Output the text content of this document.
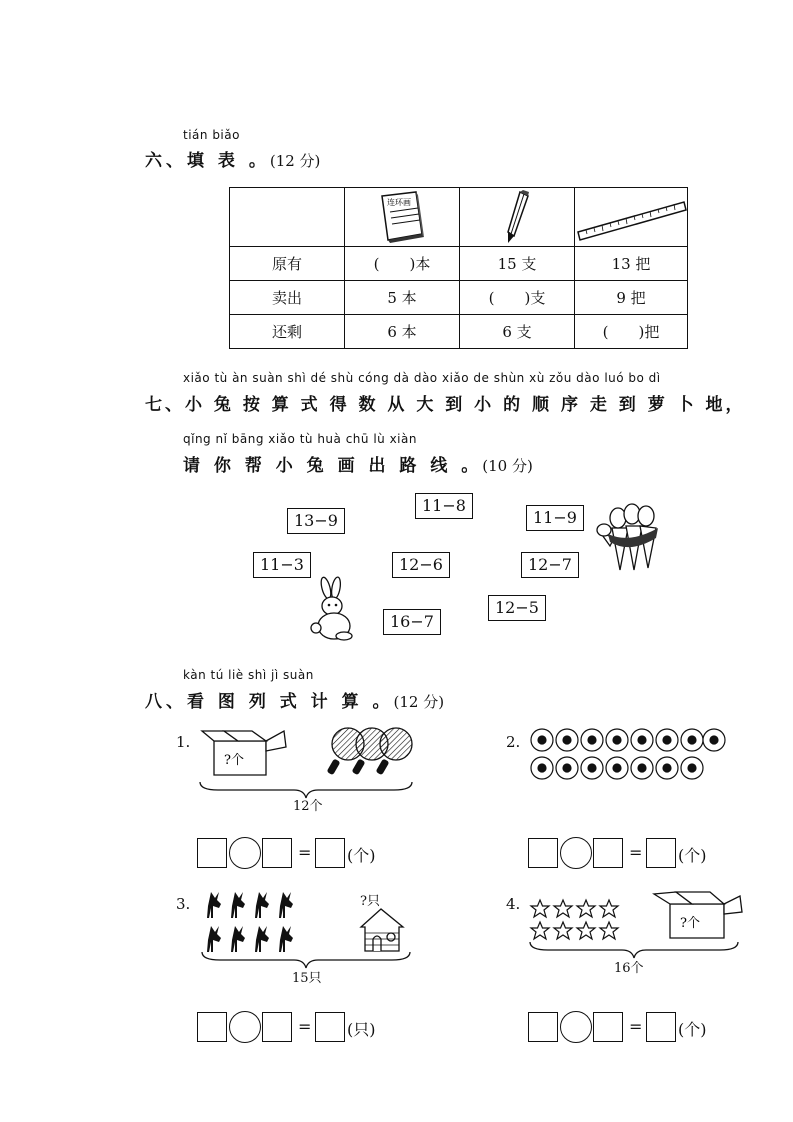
tián biǎo
六、填 表 。(12 分)

连环画

原有	(　　)本	15 支	13 把
卖出	5 本	(　　)支	9 把
还剩	6 本	6 支	(　　)把
xiǎo tù àn suàn shì dé shù cóng dà dào xiǎo de shùn xù zǒu dào luó bo dì
七、小 兔 按 算 式 得 数 从 大 到 小 的 顺 序 走 到 萝 卜 地，
qǐng nǐ bāng xiǎo tù huà chū lù xiàn
请 你 帮 小 兔 画 出 路 线 。(10 分)
13−9
11−8
11−9
11−3	12−6	12−7
12−5
16−7
kàn tú liè shì jì suàn
八、看 图 列 式 计 算 。(12 分)
1.
?个
12个
= (个)
2.
= (个)
3.	?只
15只
= (只)
4.
?个
16个
= (个)
